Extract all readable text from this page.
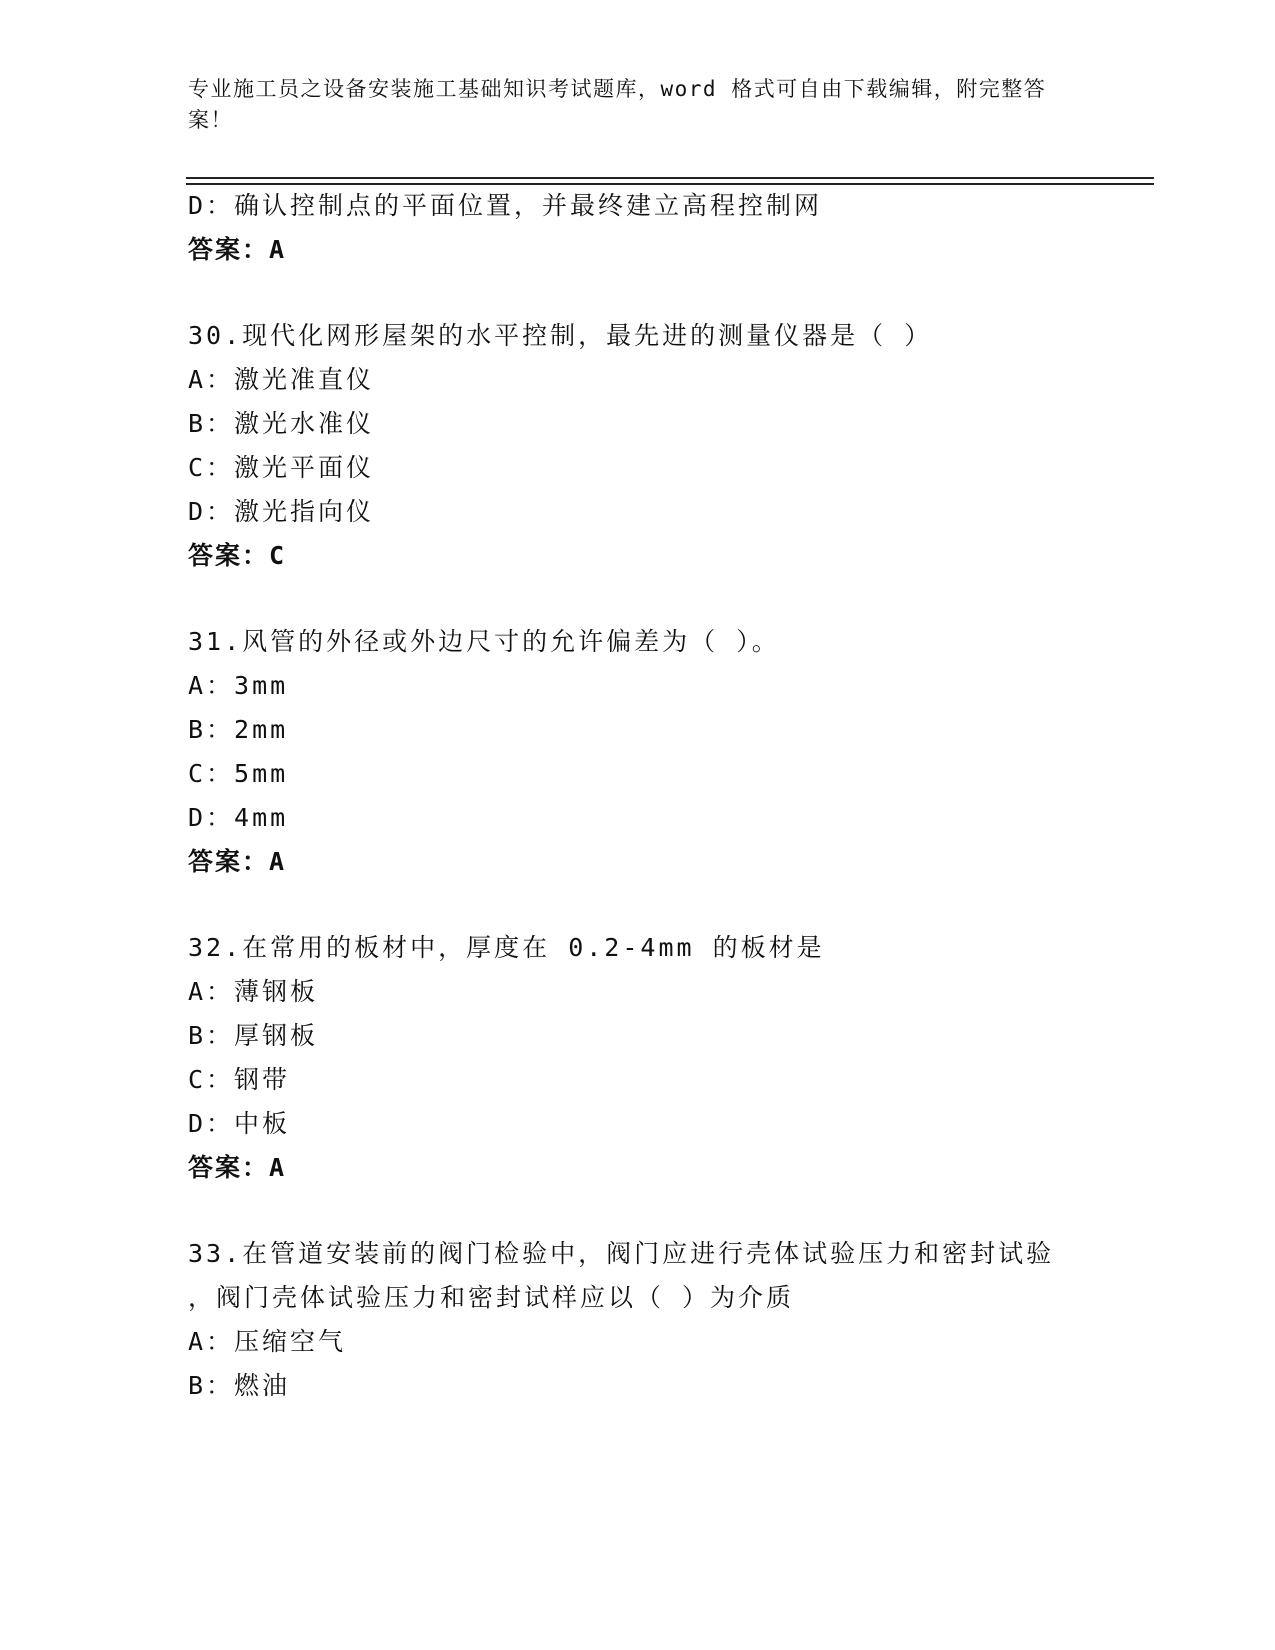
专业施工员之设备安装施工基础知识考试题库，word 格式可自由下载编辑，附完整答案！
D：确认控制点的平面位置，并最终建立高程控制网
答案：A
30.现代化网形屋架的水平控制，最先进的测量仪器是（ ）
A：激光准直仪
B：激光水准仪
C：激光平面仪
D：激光指向仪
答案：C
31.风管的外径或外边尺寸的允许偏差为（ ）。
A：3mm
B：2mm
C：5mm
D：4mm
答案：A
32.在常用的板材中，厚度在 0.2-4mm 的板材是
A：薄钢板
B：厚钢板
C：钢带
D：中板
答案：A
33.在管道安装前的阀门检验中，阀门应进行壳体试验压力和密封试验
，阀门壳体试验压力和密封试样应以（ ）为介质
A：压缩空气
B：燃油
